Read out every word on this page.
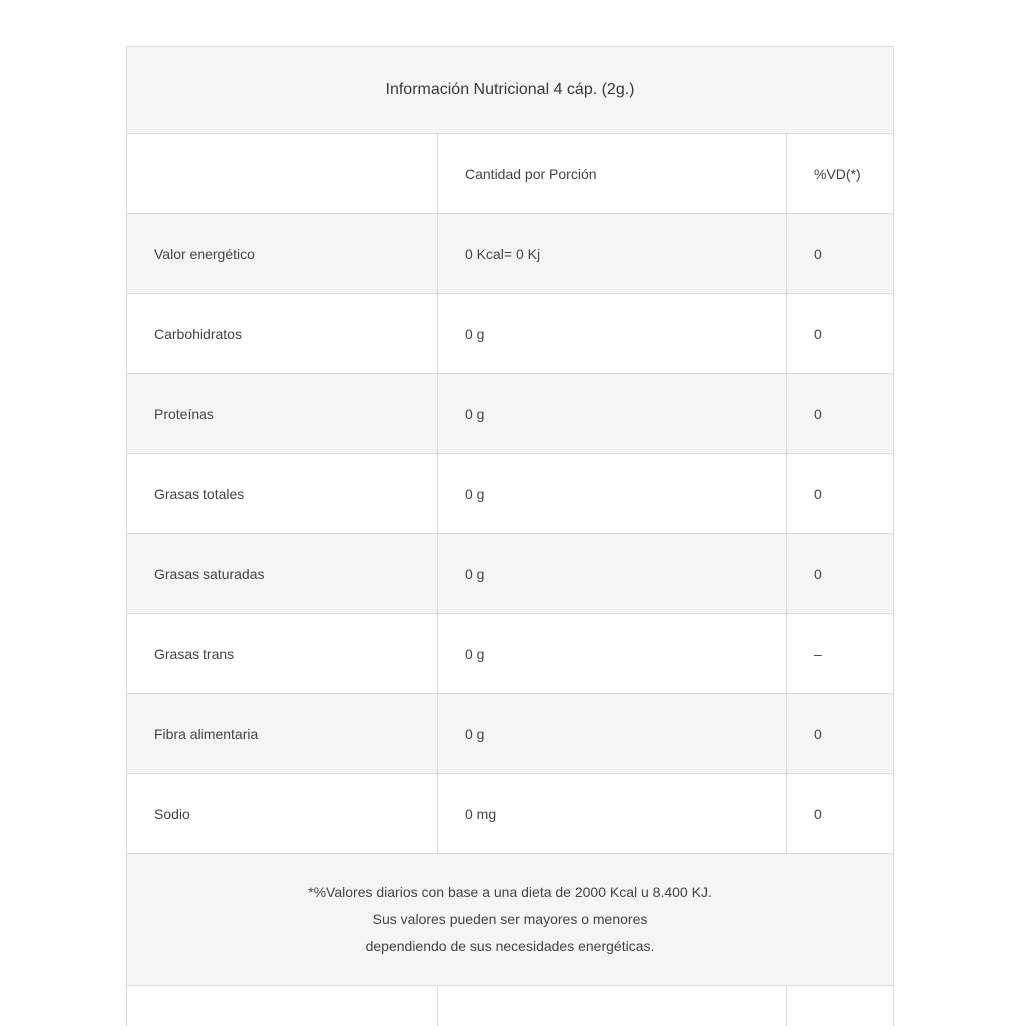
Información Nutricional 4 cáp. (2g.)		
	Cantidad por Porción	%VD(*)
Valor energético	0 Kcal= 0 Kj	0
Carbohidratos	0 g	0
Proteínas	0 g	0
Grasas totales	0 g	0
Grasas saturadas	0 g	0
Grasas trans	0 g	–
Fibra alimentaria	0 g	0
Sodio	0 mg	0

*%Valores diarios con base a una dieta de 2000 Kcal u 8.400 KJ.
Sus valores pueden ser mayores o menores
dependiendo de sus necesidades energéticas.		
